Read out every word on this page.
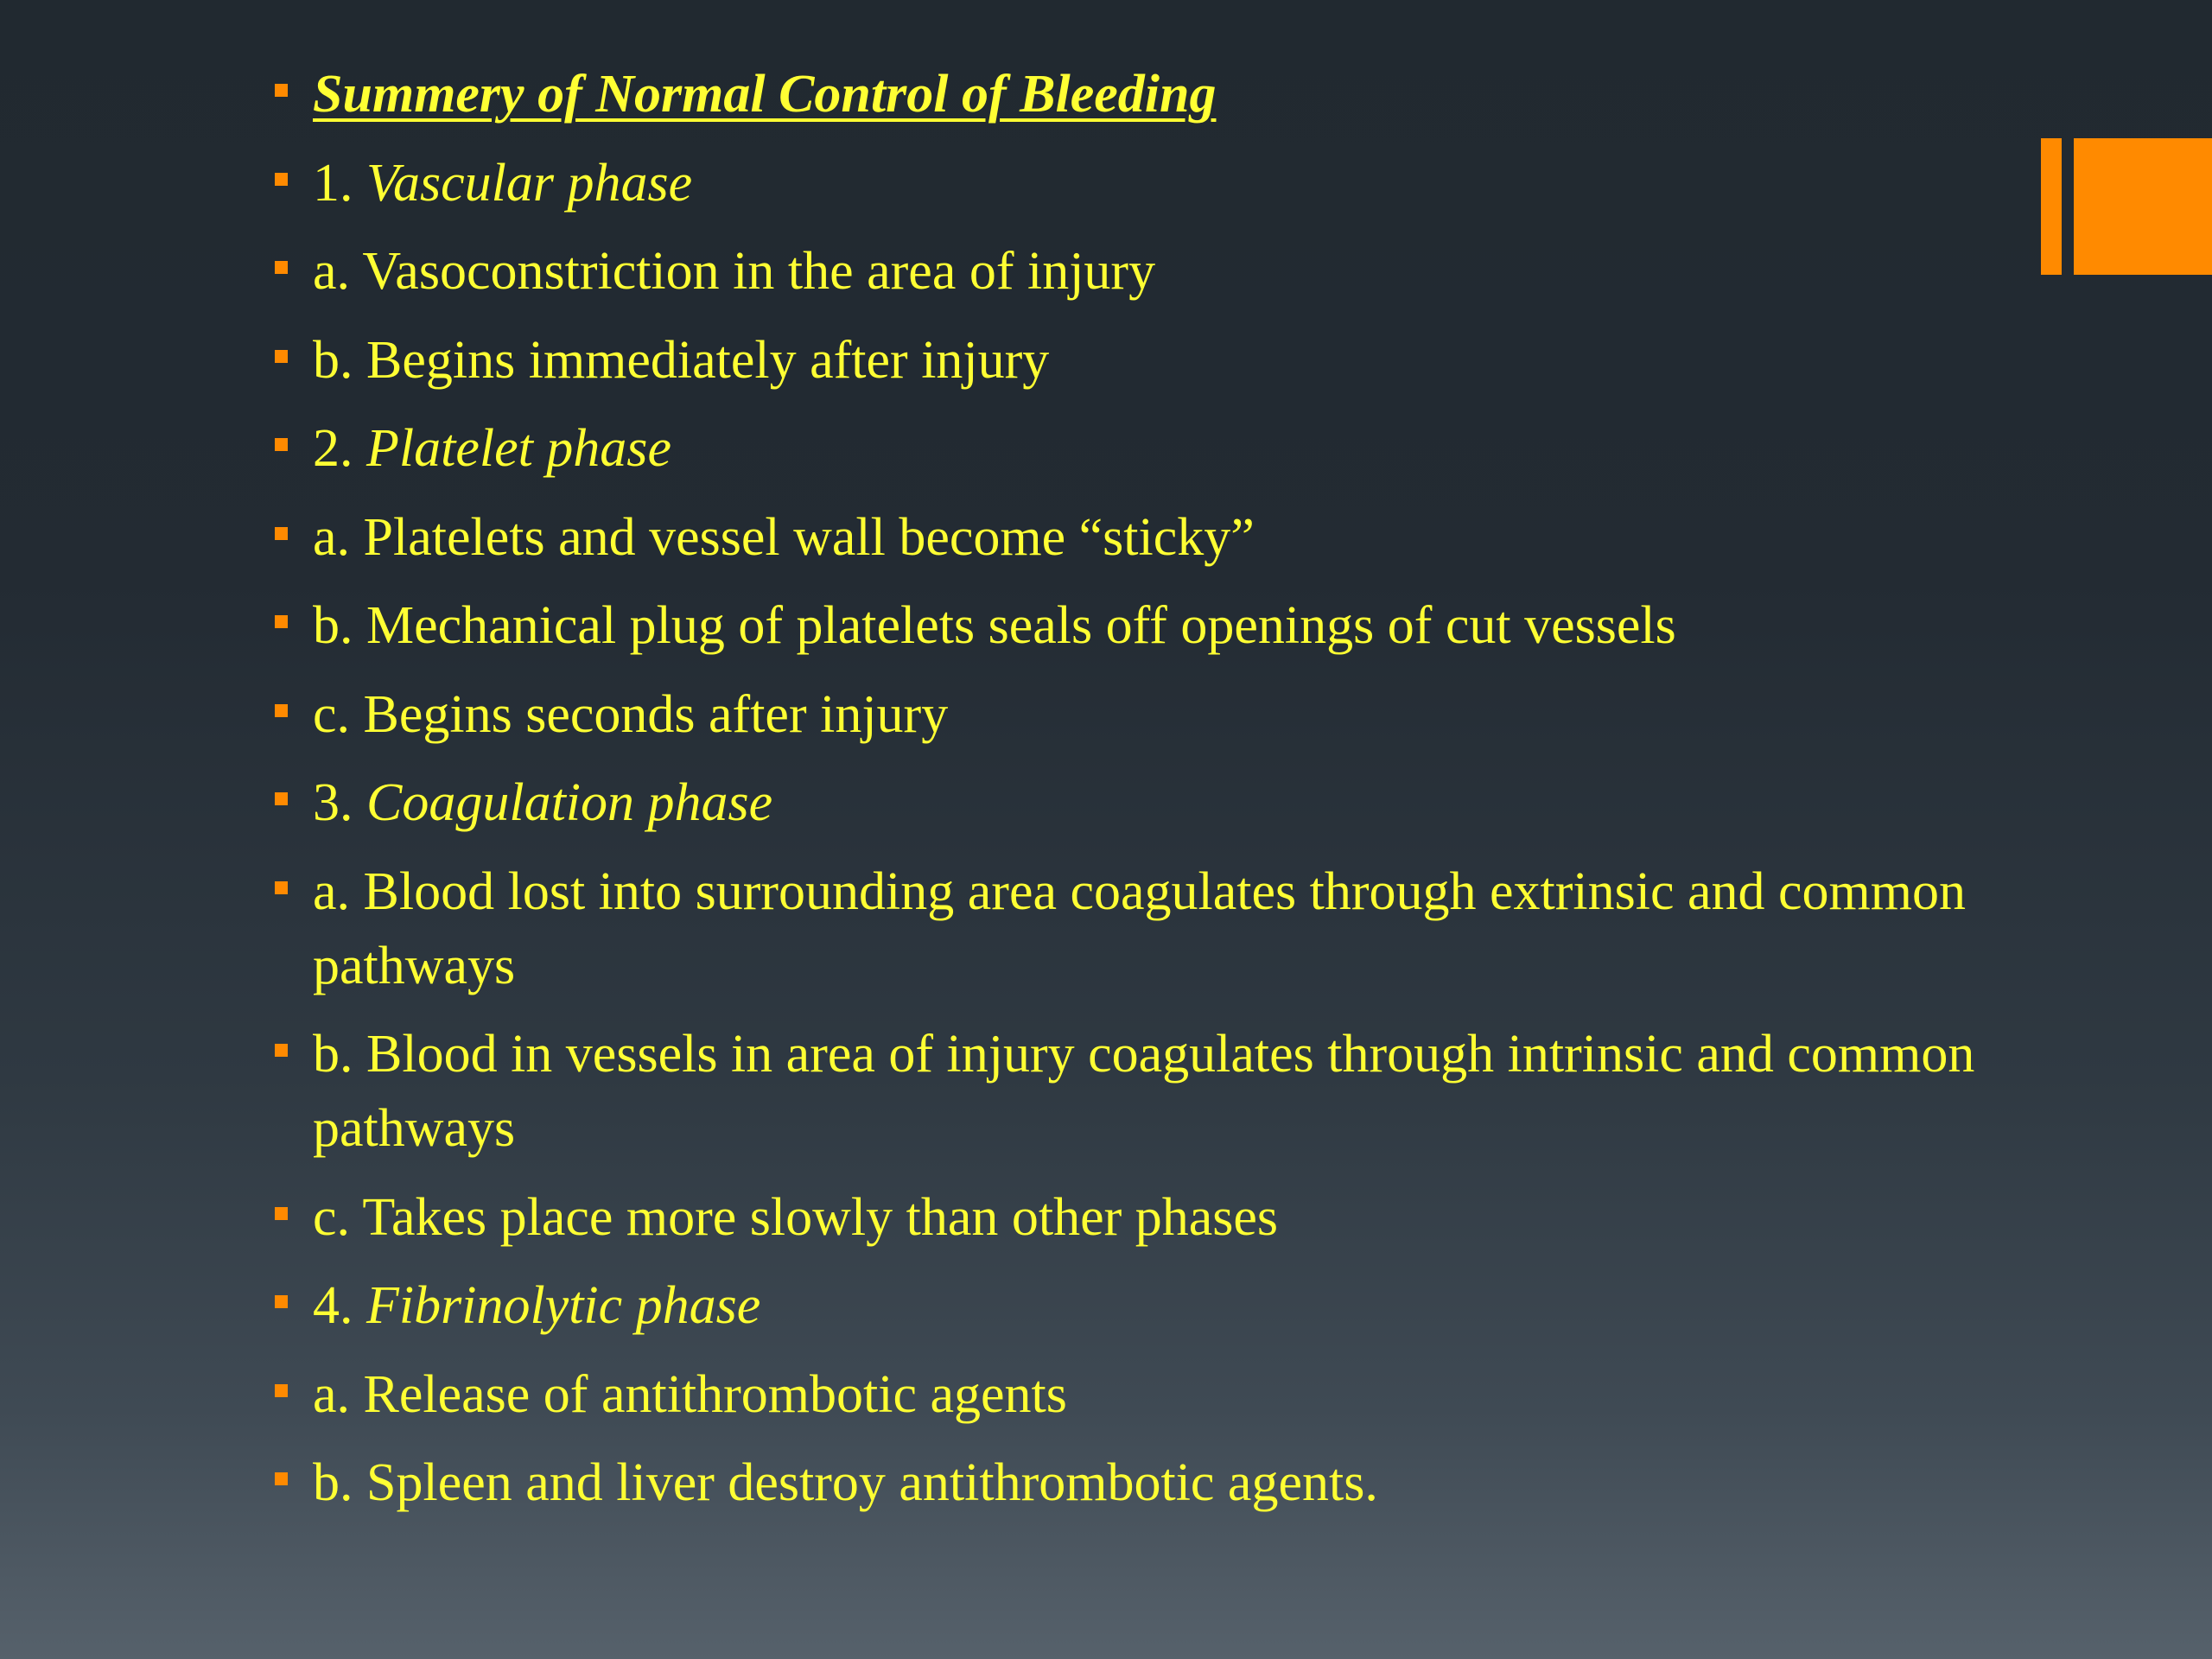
Summery of Normal Control of Bleeding
1. Vascular phase
a. Vasoconstriction in the area of injury
b. Begins immediately after injury
2. Platelet phase
a. Platelets and vessel wall become “sticky”
b. Mechanical plug of platelets seals off openings of cut vessels
c. Begins seconds after injury
3. Coagulation phase
a. Blood lost into surrounding area coagulates through extrinsic and common pathways
b. Blood in vessels in area of injury coagulates through intrinsic and common pathways
c. Takes place more slowly than other phases
4. Fibrinolytic phase
a. Release of antithrombotic agents
b. Spleen and liver destroy antithrombotic agents.
